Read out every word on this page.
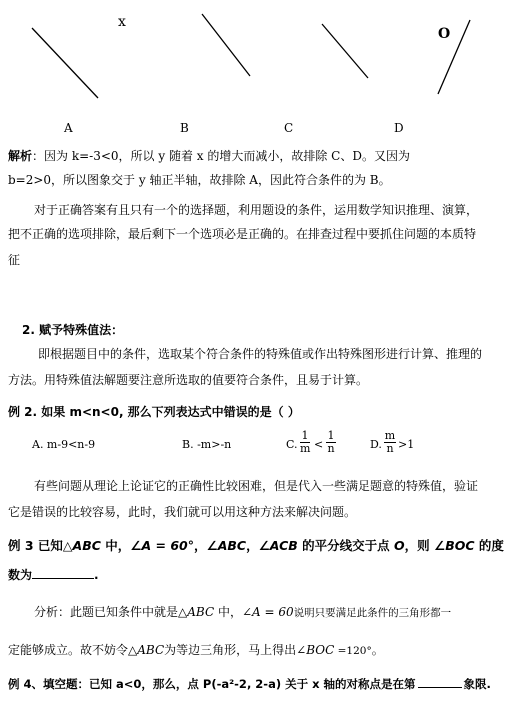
x
O
A	B	C	D
解析：因为 k=-3<0，所以 y 随着 x 的增大而减小，故排除 C、D。又因为
b=2>0，所以图象交于 y 轴正半轴，故排除 A，因此符合条件的为 B。
对于正确答案有且只有一个的选择题，利用题设的条件，运用数学知识推理、演算，
把不正确的选项排除，最后剩下一个选项必是正确的。在排查过程中要抓住问题的本质特
征
2. 赋予特殊值法：
即根据题目中的条件，选取某个符合条件的特殊值或作出特殊图形进行计算、推理的
方法。用特殊值法解题要注意所选取的值要符合条件，且易于计算。
例 2. 如果 m<n<0, 那么下列表达式中错误的是（ ）
A. m-9<n-9	B. -m>-n	C. $\frac{1}{m} < \frac{1}{n}$	D. $\frac{m}{n} >1$
有些问题从理论上论证它的正确性比较困难，但是代入一些满足题意的特殊值，验证
它是错误的比较容易，此时，我们就可以用这种方法来解决问题。
例 3 已知△ABC 中，∠A = 60°，∠ABC，∠ACB 的平分线交于点 O，则 ∠BOC 的度
数为	.
分析：此题已知条件中就是△ABC 中，∠A = 60说明只要满足此条件的三角形都一
定能够成立。故不妨令△ABC为等边三角形，马上得出∠BOC =120°。
例 4、填空题：已知 a<0，那么，点 P(-a²-2, 2-a) 关于 x 轴的对称点是在第	象限.
